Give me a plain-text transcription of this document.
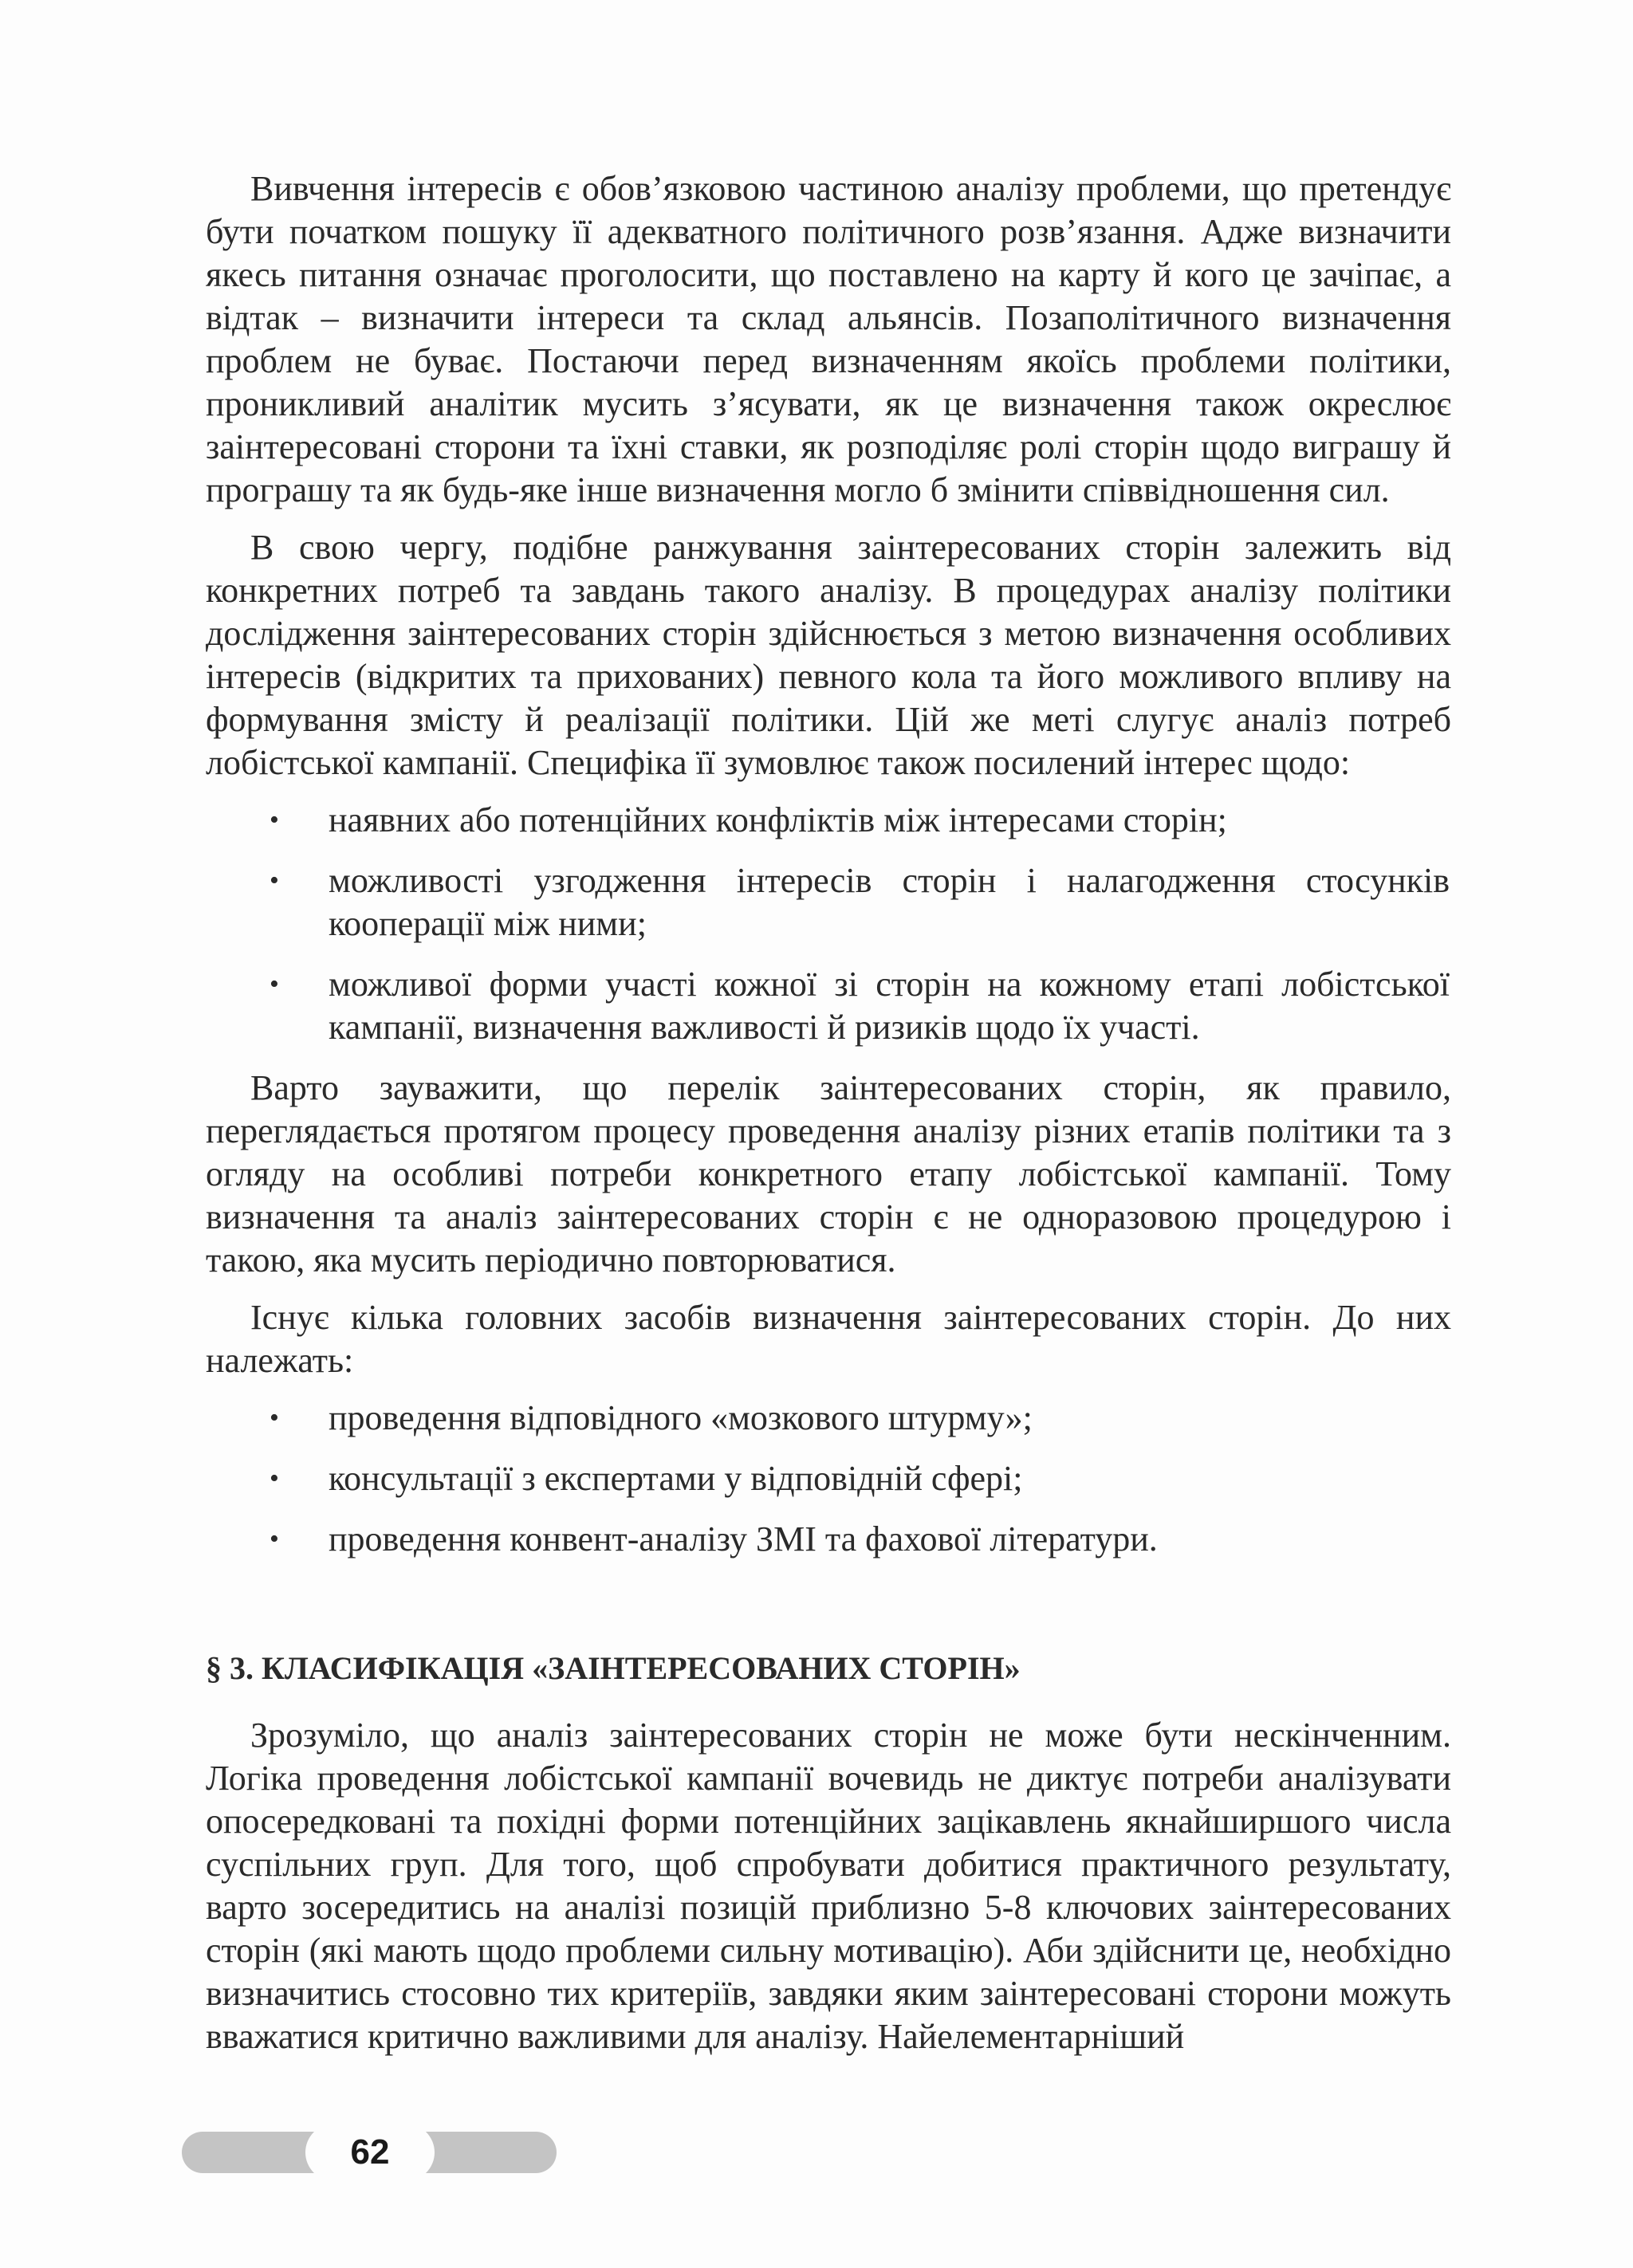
Вивчення інтересів є обов’язковою частиною аналізу проблеми, що претендує бути початком пошуку її адекватного політичного розв’язання. Адже визначити якесь питання означає проголосити, що поставлено на карту й кого це зачіпає, а відтак – визначити інтереси та склад альянсів. Позаполітичного визначення проблем не буває. Постаючи перед визначенням якоїсь проблеми політики, проникливий аналітик мусить з’ясувати, як це визначення також окреслює заінтересовані сторони та їхні ставки, як розподіляє ролі сторін щодо виграшу й програшу та як будь-яке інше визначення могло б змінити співвідношення сил.

В свою чергу, подібне ранжування заінтересованих сторін залежить від конкретних потреб та завдань такого аналізу. В процедурах аналізу політики дослідження заінтересованих сторін здійснюється з метою визначення особливих інтересів (відкритих та прихованих) певного кола та його можливого впливу на формування змісту й реалізації політики. Цій же меті слугує аналіз потреб лобістської кампанії. Специфіка її зумовлює також посилений інтерес щодо:

• наявних або потенційних конфліктів між інтересами сторін;
• можливості узгодження інтересів сторін і налагодження стосунків кооперації між ними;
• можливої форми участі кожної зі сторін на кожному етапі лобістської кампанії, визначення важливості й ризиків щодо їх участі.

Варто зауважити, що перелік заінтересованих сторін, як правило, переглядається протягом процесу проведення аналізу різних етапів політики та з огляду на особливі потреби конкретного етапу лобістської кампанії. Тому визначення та аналіз заінтересованих сторін є не одноразовою процедурою і такою, яка мусить періодично повторюватися.

Існує кілька головних засобів визначення заінтересованих сторін. До них належать:

• проведення відповідного «мозкового штурму»;
• консультації з експертами у відповідній сфері;
• проведення конвент-аналізу ЗМІ та фахової літератури.
§ 3. КЛАСИФІКАЦІЯ «ЗАІНТЕРЕСОВАНИХ СТОРІН»

Зрозуміло, що аналіз заінтересованих сторін не може бути нескінченним. Логіка проведення лобістської кампанії вочевидь не диктує потреби аналізувати опосередковані та похідні форми потенційних зацікавлень якнайширшого числа суспільних груп. Для того, щоб спробувати добитися практичного результату, варто зосередитись на аналізі позицій приблизно 5-8 ключових заінтересованих сторін (які мають щодо проблеми сильну мотивацію). Аби здійснити це, необхідно визначитись стосовно тих критеріїв, завдяки яким заінтересовані сторони можуть вважатися критично важливими для аналізу. Найелементарніший

62
